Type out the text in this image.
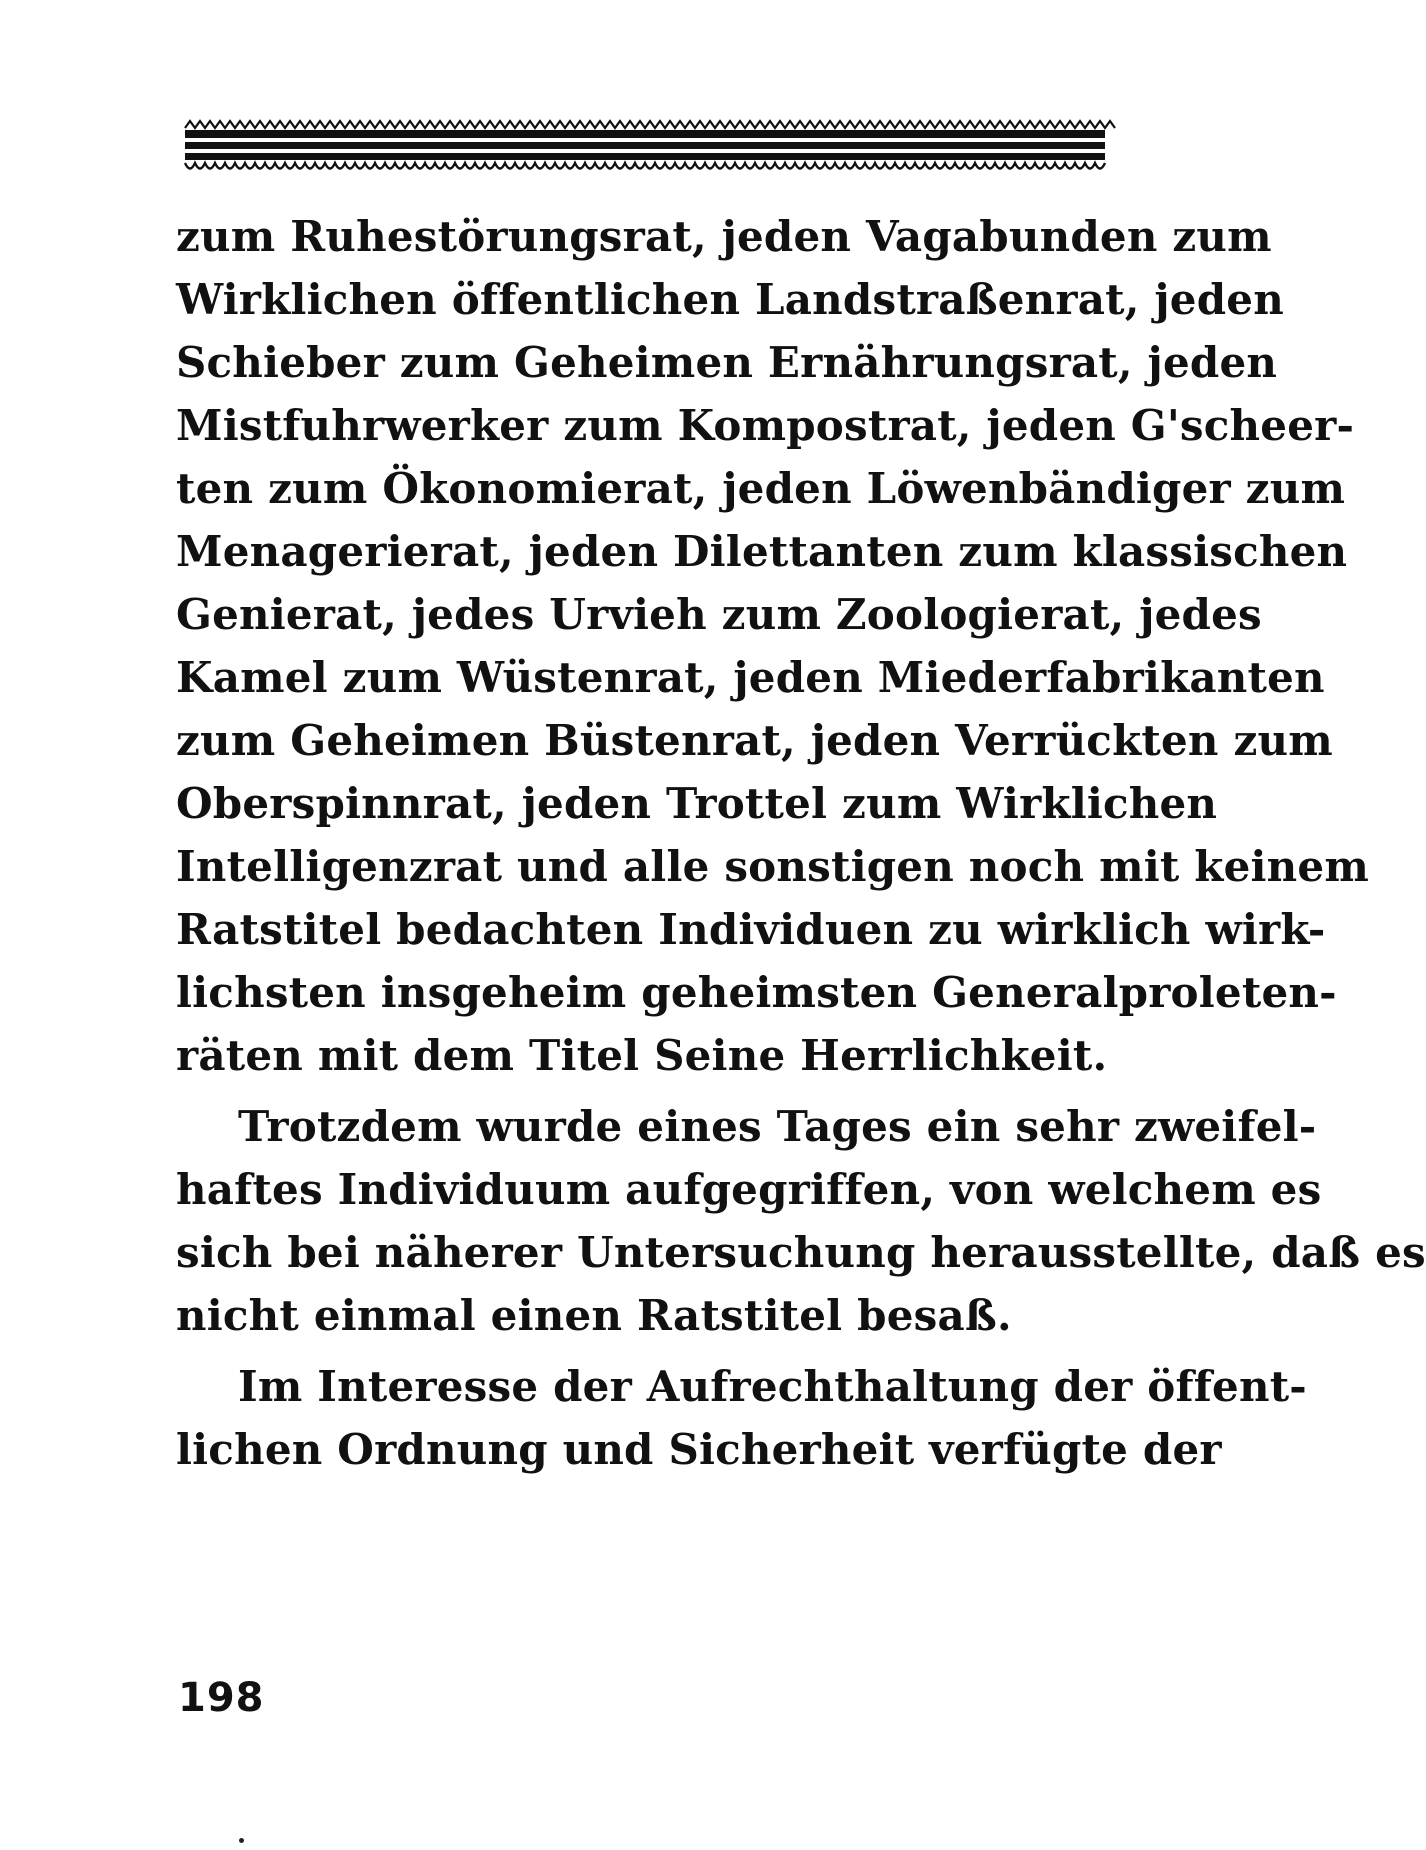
zum Ruhestörungsrat, jeden Vagabunden zum
Wirklichen öffentlichen Landstraßenrat, jeden
Schieber zum Geheimen Ernährungsrat, jeden
Mistfuhrwerker zum Kompostrat, jeden G'scheer-
ten zum Ökonomierat, jeden Löwenbändiger zum
Menagerierat, jeden Dilettanten zum klassischen
Genierat, jedes Urvieh zum Zoologierat, jedes
Kamel zum Wüstenrat, jeden Miederfabrikanten
zum Geheimen Büstenrat, jeden Verrückten zum
Oberspinnrat, jeden Trottel zum Wirklichen
Intelligenzrat und alle sonstigen noch mit keinem
Ratstitel bedachten Individuen zu wirklich wirk-
lichsten insgeheim geheimsten Generalproleten-
räten mit dem Titel Seine Herrlichkeit.
Trotzdem wurde eines Tages ein sehr zweifel-
haftes Individuum aufgegriffen, von welchem es
sich bei näherer Untersuchung herausstellte, daß es
nicht einmal einen Ratstitel besaß.
Im Interesse der Aufrechthaltung der öffent-
lichen Ordnung und Sicherheit verfügte der
198
